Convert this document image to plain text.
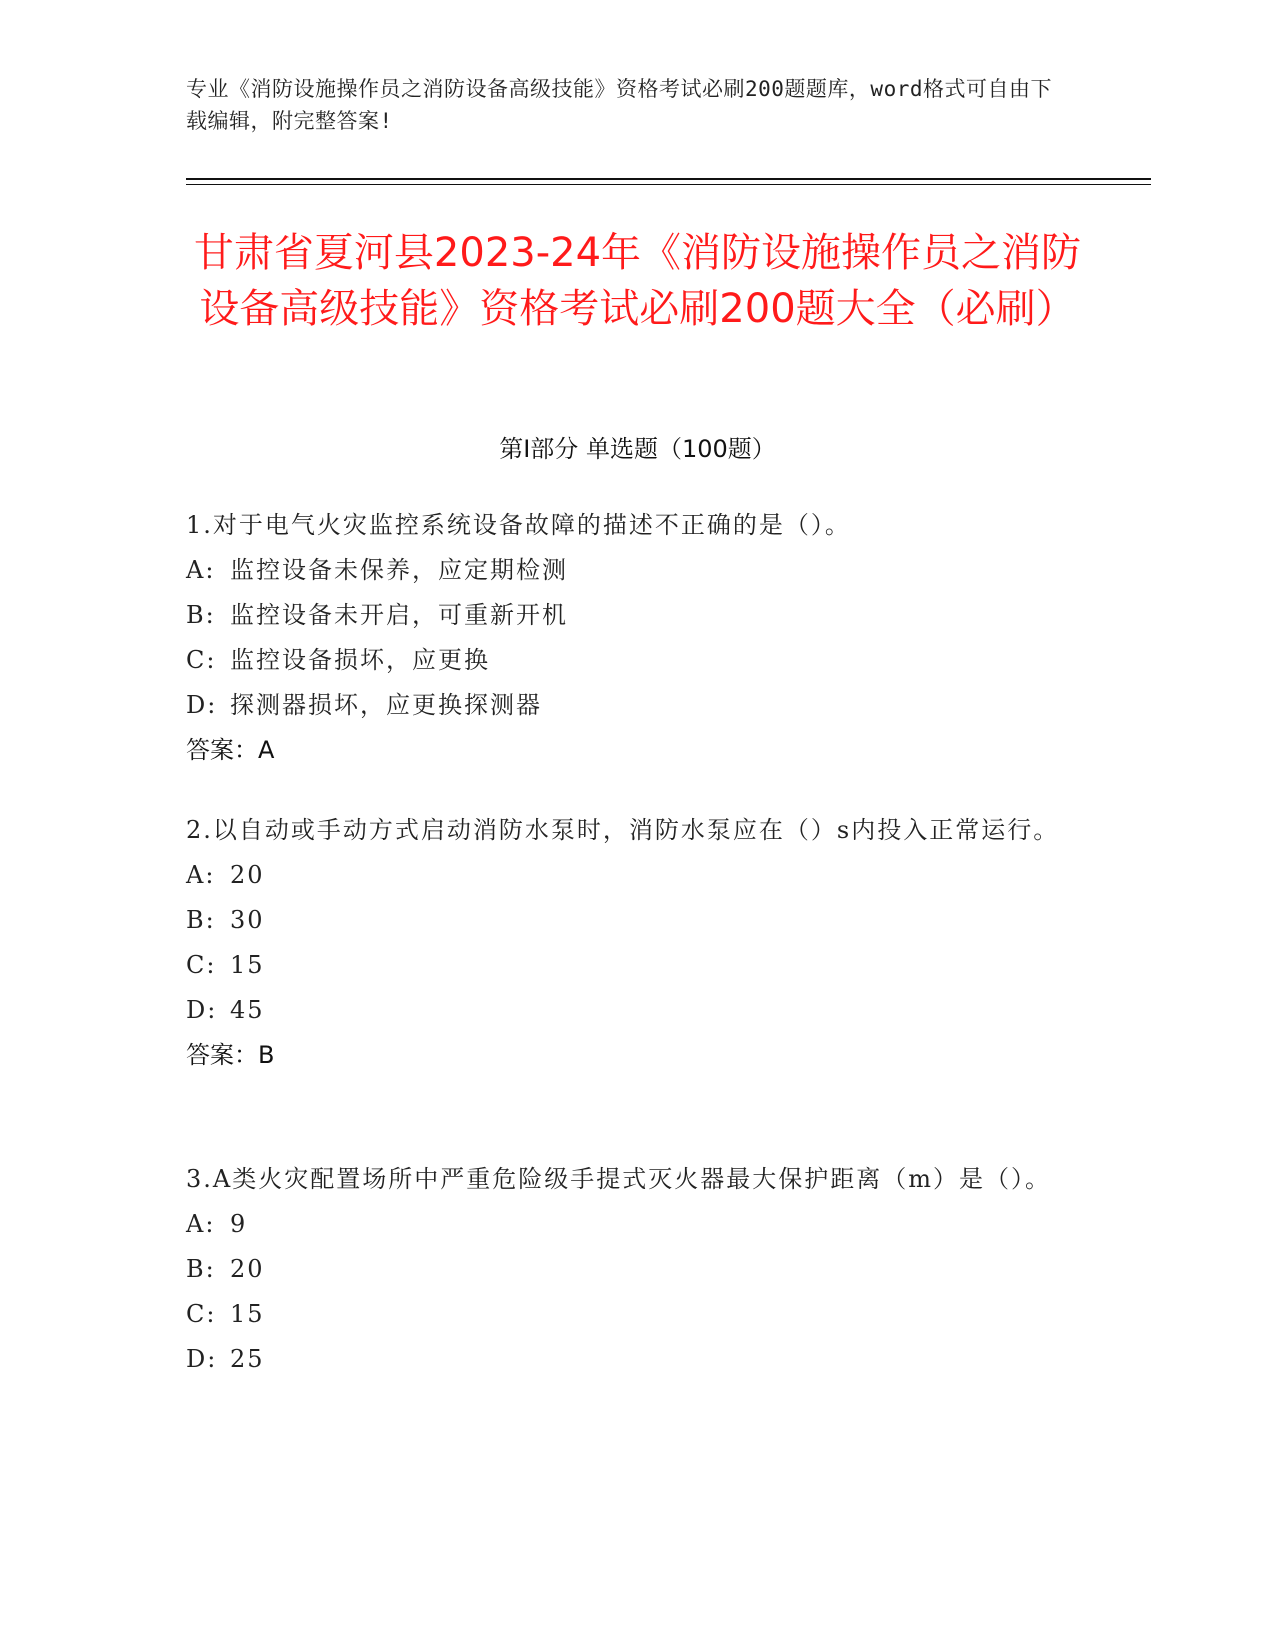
专业《消防设施操作员之消防设备高级技能》资格考试必刷200题题库，word格式可自由下载编辑，附完整答案!
甘肃省夏河县2023-24年《消防设施操作员之消防设备高级技能》资格考试必刷200题大全（必刷）
第I部分 单选题（100题）

1.对于电气火灾监控系统设备故障的描述不正确的是（）。

A: 监控设备未保养，应定期检测
B: 监控设备未开启，可重新开机
C: 监控设备损坏，应更换
D: 探测器损坏，应更换探测器
答案：A

2.以自动或手动方式启动消防水泵时，消防水泵应在（）s内投入正常运行。

A: 20
B: 30
C: 15
D: 45
答案：B

3.A类火灾配置场所中严重危险级手提式灭火器最大保护距离（m）是（）。

A: 9
B: 20
C: 15
D: 25
